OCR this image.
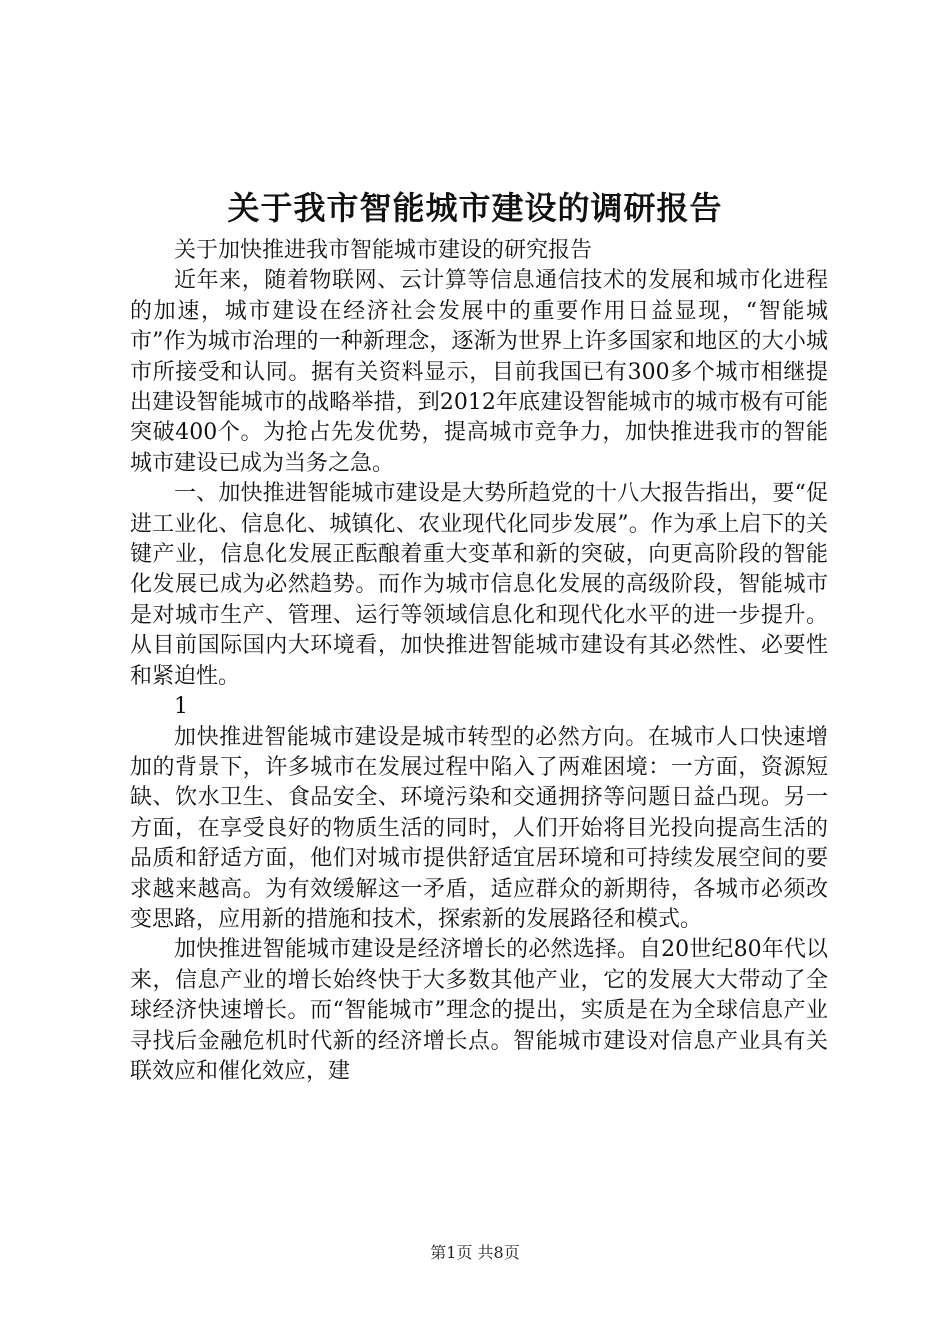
关于我市智能城市建设的调研报告

关于加快推进我市智能城市建设的研究报告

近年来，随着物联网、云计算等信息通信技术的发展和城市化进程的加速，城市建设在经济社会发展中的重要作用日益显现，“智能城市”作为城市治理的一种新理念，逐渐为世界上许多国家和地区的大小城市所接受和认同。据有关资料显示，目前我国已有300多个城市相继提出建设智能城市的战略举措，到2012年底建设智能城市的城市极有可能突破400个。为抢占先发优势，提高城市竞争力，加快推进我市的智能城市建设已成为当务之急。

一、加快推进智能城市建设是大势所趋党的十八大报告指出，要“促进工业化、信息化、城镇化、农业现代化同步发展”。作为承上启下的关键产业，信息化发展正酝酿着重大变革和新的突破，向更高阶段的智能化发展已成为必然趋势。而作为城市信息化发展的高级阶段，智能城市是对城市生产、管理、运行等领域信息化和现代化水平的进一步提升。从目前国际国内大环境看，加快推进智能城市建设有其必然性、必要性和紧迫性。

1

加快推进智能城市建设是城市转型的必然方向。在城市人口快速增加的背景下，许多城市在发展过程中陷入了两难困境：一方面，资源短缺、饮水卫生、食品安全、环境污染和交通拥挤等问题日益凸现。另一方面，在享受良好的物质生活的同时，人们开始将目光投向提高生活的品质和舒适方面，他们对城市提供舒适宜居环境和可持续发展空间的要求越来越高。为有效缓解这一矛盾，适应群众的新期待，各城市必须改变思路，应用新的措施和技术，探索新的发展路径和模式。

加快推进智能城市建设是经济增长的必然选择。自20世纪80年代以来，信息产业的增长始终快于大多数其他产业，它的发展大大带动了全球经济快速增长。而“智能城市”理念的提出，实质是在为全球信息产业寻找后金融危机时代新的经济增长点。智能城市建设对信息产业具有关联效应和催化效应，建

第1页 共8页
